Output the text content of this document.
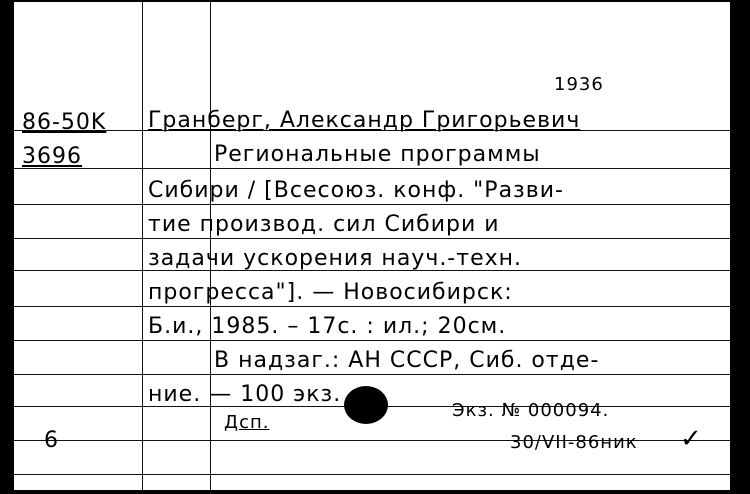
1936
86-50K
3696
Гранберг, Александр Григорьевич
Региональные программы
Сибири / [Всесоюз. конф. "Разви-
тие производ. сил Сибири и
задачи ускорения науч.-техн.
прогресса"]. — Новосибирск:
Б.и., 1985. – 17с. : ил.; 20см.
В надзаг.: АН СССР, Сиб. отде-
ние. — 100 экз.
Дсп.
Экз. № 000094.
30/VII-86ник
6	✓
